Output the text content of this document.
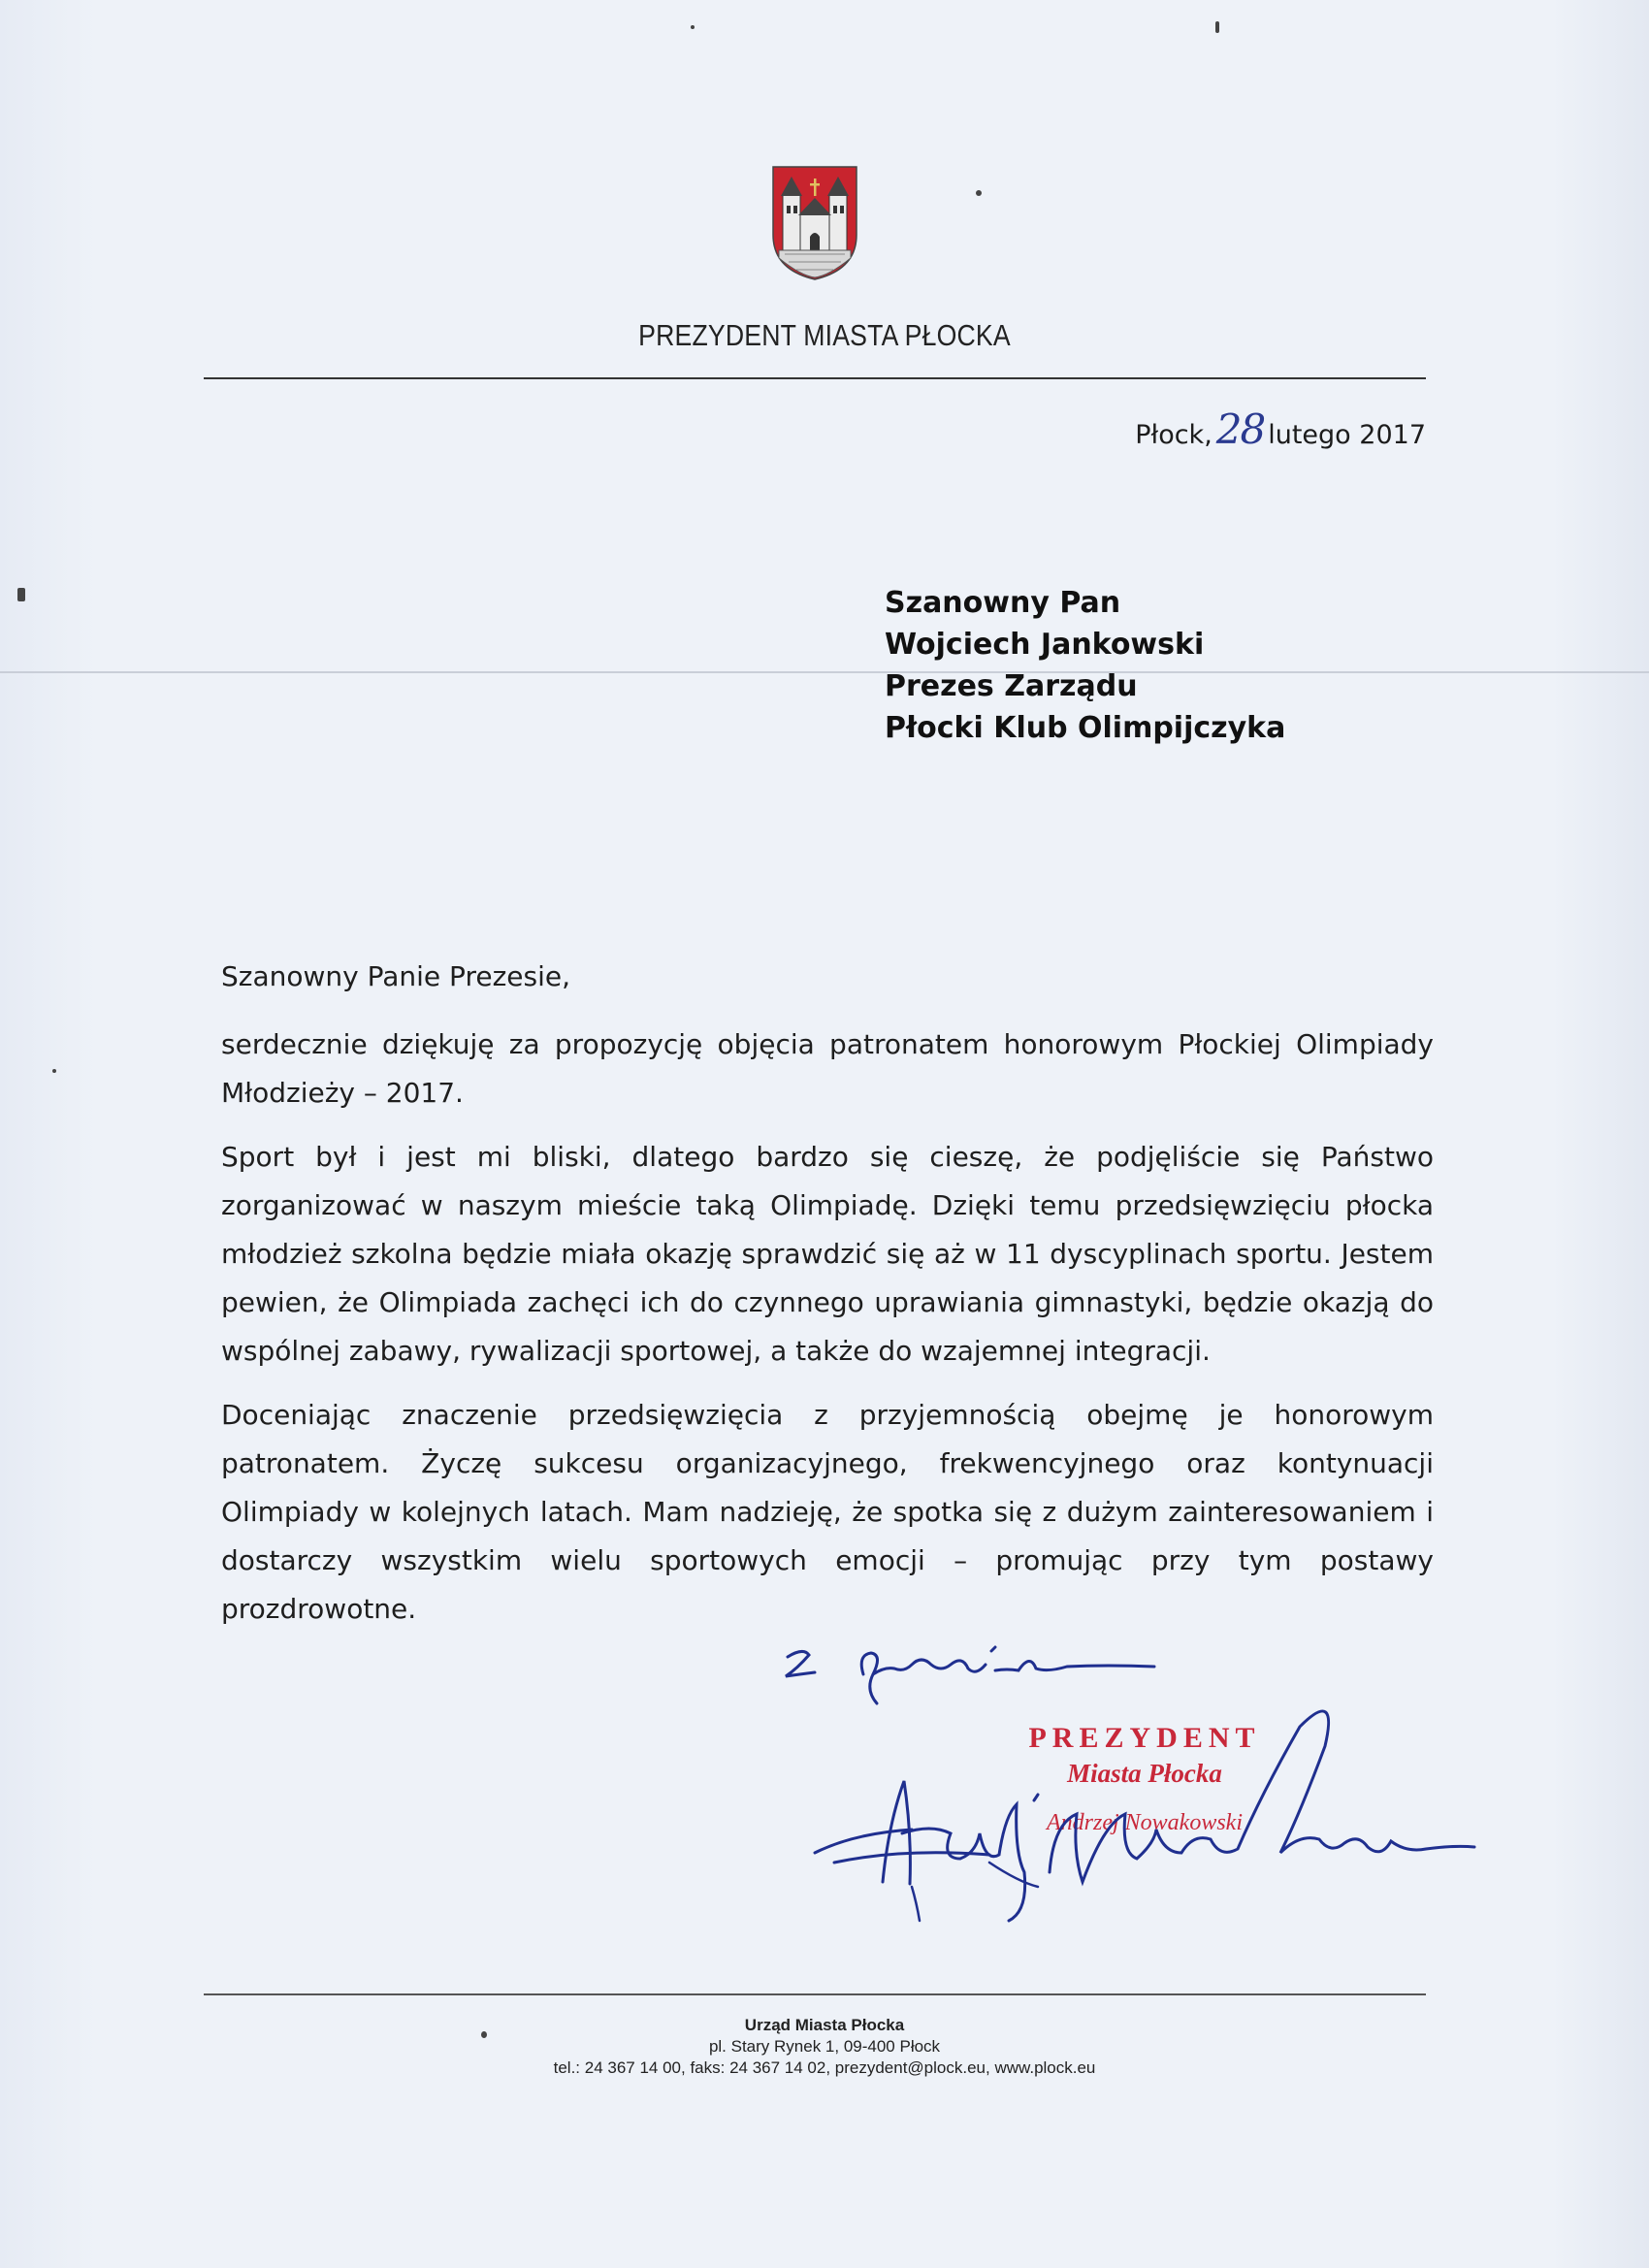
PREZYDENT MIASTA PŁOCKA
Płock, 28 lutego 2017
Szanowny Pan
Wojciech Jankowski
Prezes Zarządu
Płocki Klub Olimpijczyka

Szanowny Panie Prezesie,

serdecznie dziękuję za propozycję objęcia patronatem honorowym Płockiej Olimpiady Młodzieży – 2017.

Sport był i jest mi bliski, dlatego bardzo się cieszę, że podjęliście się Państwo zorganizować w naszym mieście taką Olimpiadę. Dzięki temu przedsięwzięciu płocka młodzież szkolna będzie miała okazję sprawdzić się aż w 11 dyscyplinach sportu. Jestem pewien, że Olimpiada zachęci ich do czynnego uprawiania gimnastyki, będzie okazją do wspólnej zabawy, rywalizacji sportowej, a także do wzajemnej integracji.

Doceniając znaczenie przedsięwzięcia z przyjemnością obejmę je honorowym patronatem. Życzę sukcesu organizacyjnego, frekwencyjnego oraz kontynuacji Olimpiady w kolejnych latach. Mam nadzieję, że spotka się z dużym zainteresowaniem i dostarczy wszystkim wielu sportowych emocji – promując przy tym postawy prozdrowotne.

PREZYDENT
Miasta Płocka
Andrzej Nowakowski
Urząd Miasta Płocka
pl. Stary Rynek 1, 09-400 Płock
tel.: 24 367 14 00, faks: 24 367 14 02, prezydent@plock.eu, www.plock.eu
